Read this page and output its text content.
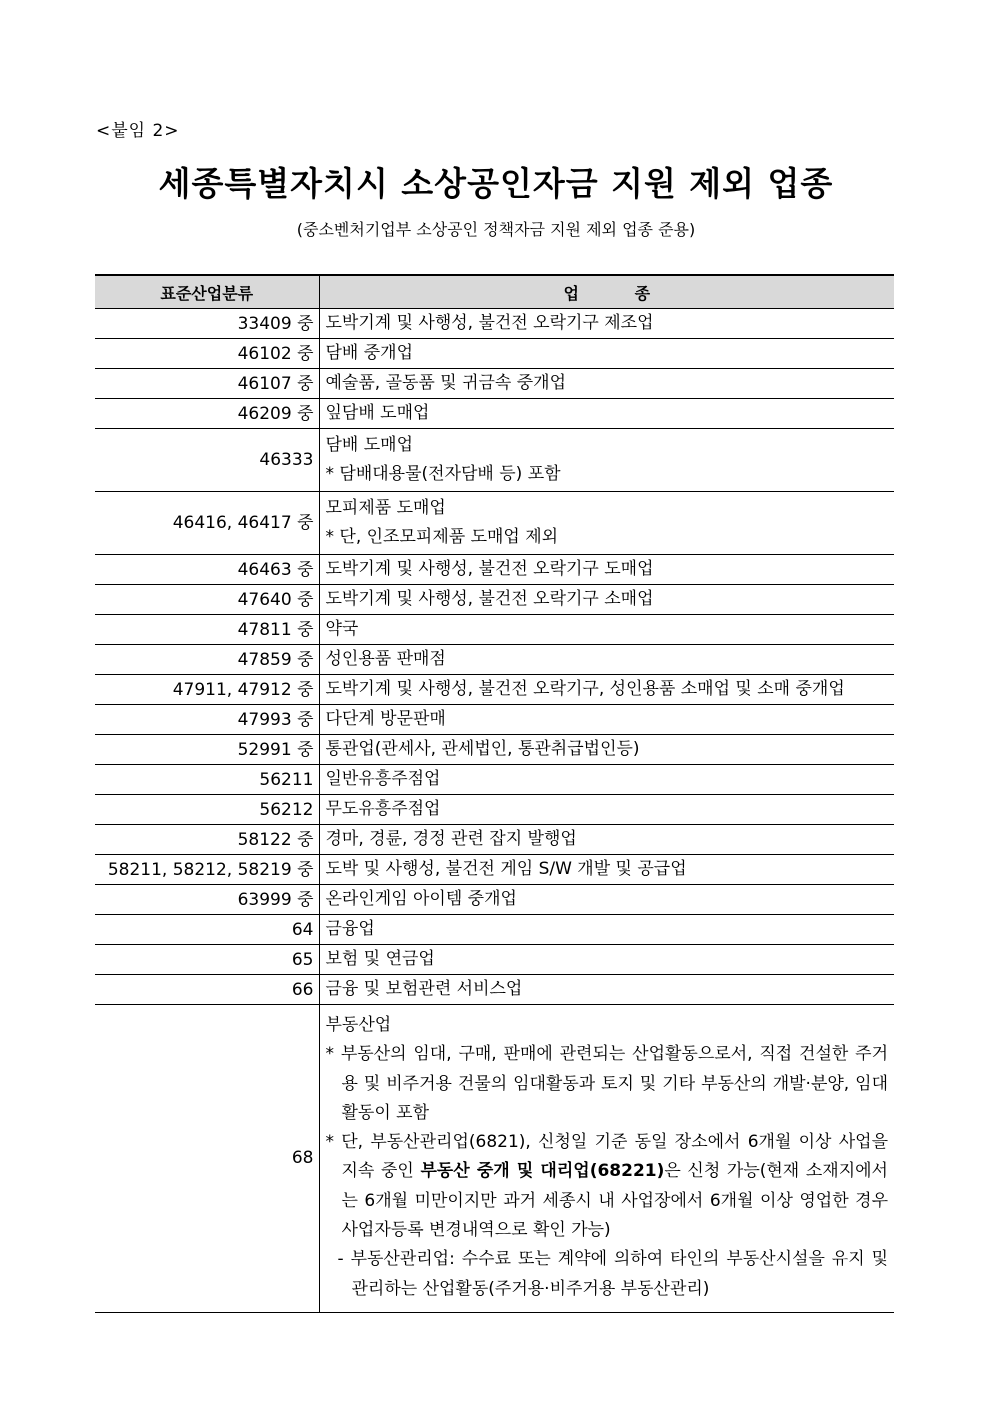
<붙임 2>
세종특별자치시 소상공인자금 지원 제외 업종
(중소벤처기업부 소상공인 정책자금 지원 제외 업종 준용)
표준산업분류	업          종
33409 중	도박기계 및 사행성, 불건전 오락기구 제조업

46102 중	담배 중개업

46107 중	예술품, 골동품 및 귀금속 중개업

46209 중	잎담배 도매업

46333	담배 도매업
* 담배대용물(전자담배 등) 포함

46416, 46417 중	모피제품 도매업
* 단, 인조모피제품 도매업 제외

46463 중	도박기계 및 사행성, 불건전 오락기구 도매업

47640 중	도박기계 및 사행성, 불건전 오락기구 소매업

47811 중	약국

47859 중	성인용품 판매점

47911, 47912 중	도박기계 및 사행성, 불건전 오락기구, 성인용품 소매업 및 소매 중개업

47993 중	다단계 방문판매

52991 중	통관업(관세사, 관세법인, 통관취급법인등)

56211	일반유흥주점업

56212	무도유흥주점업

58122 중	경마, 경륜, 경정 관련 잡지 발행업

58211, 58212, 58219 중	도박 및 사행성, 불건전 게임 S/W 개발 및 공급업

63999 중	온라인게임 아이템 중개업

64	금융업

65	보험 및 연금업

66	금융 및 보험관련 서비스업

68	부동산업
* 부동산의 임대, 구매, 판매에 관련되는 산업활동으로서, 직접 건설한 주거용 및 비주거용 건물의 임대활동과 토지 및 기타 부동산의 개발·분양, 임대 활동이 포함
* 단, 부동산관리업(6821), 신청일 기준 동일 장소에서 6개월 이상 사업을 지속 중인 부동산 중개 및 대리업(68221)은 신청 가능(현재 소재지에서는 6개월 미만이지만 과거 세종시 내 사업장에서 6개월 이상 영업한 경우 사업자등록 변경내역으로 확인 가능)
- 부동산관리업: 수수료 또는 계약에 의하여 타인의 부동산시설을 유지 및 관리하는 산업활동(주거용·비주거용 부동산관리)
